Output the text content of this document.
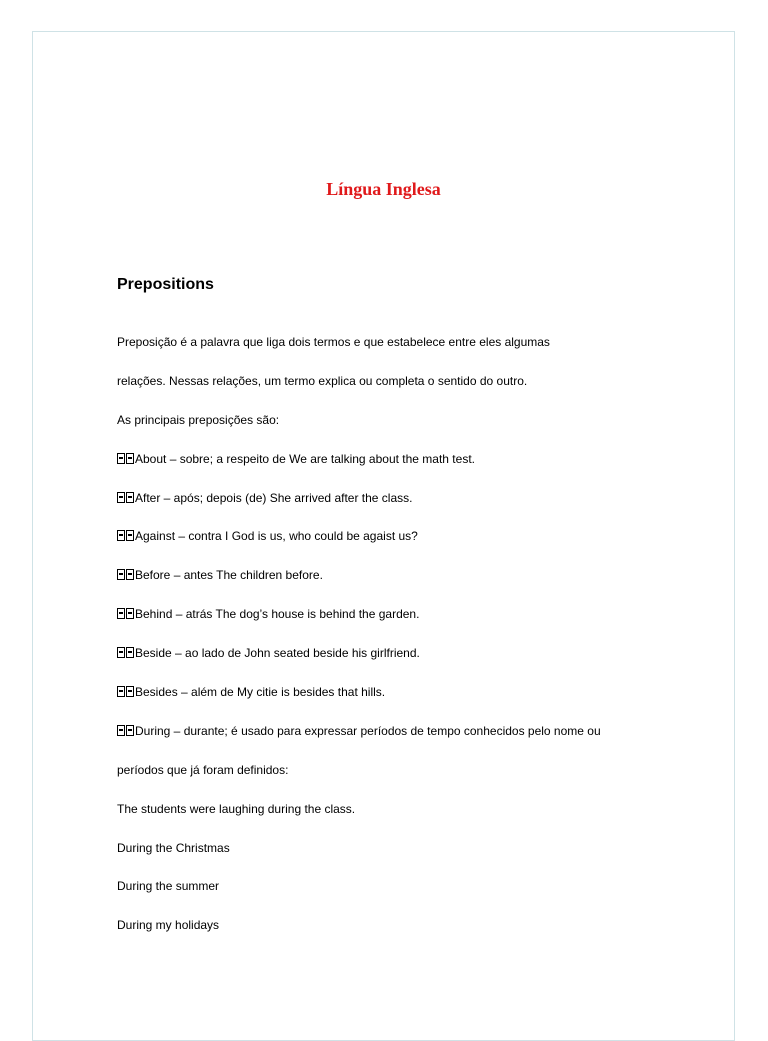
Língua Inglesa
Prepositions
Preposição é a palavra que liga dois termos e que estabelece entre eles algumas
relações. Nessas relações, um termo explica ou completa o sentido do outro.
As principais preposições são:
About – sobre; a respeito de We are talking about the math test.
After – após; depois (de) She arrived after the class.
Against – contra I God is us, who could be agaist us?
Before – antes The children before.
Behind – atrás The dog’s house is behind the garden.
Beside – ao lado de John seated beside his girlfriend.
Besides – além de My citie is besides that hills.
During – durante; é usado para expressar períodos de tempo conhecidos pelo nome ou
períodos que já foram definidos:
The students were laughing during the class.
During the Christmas
During the summer
During my holidays
